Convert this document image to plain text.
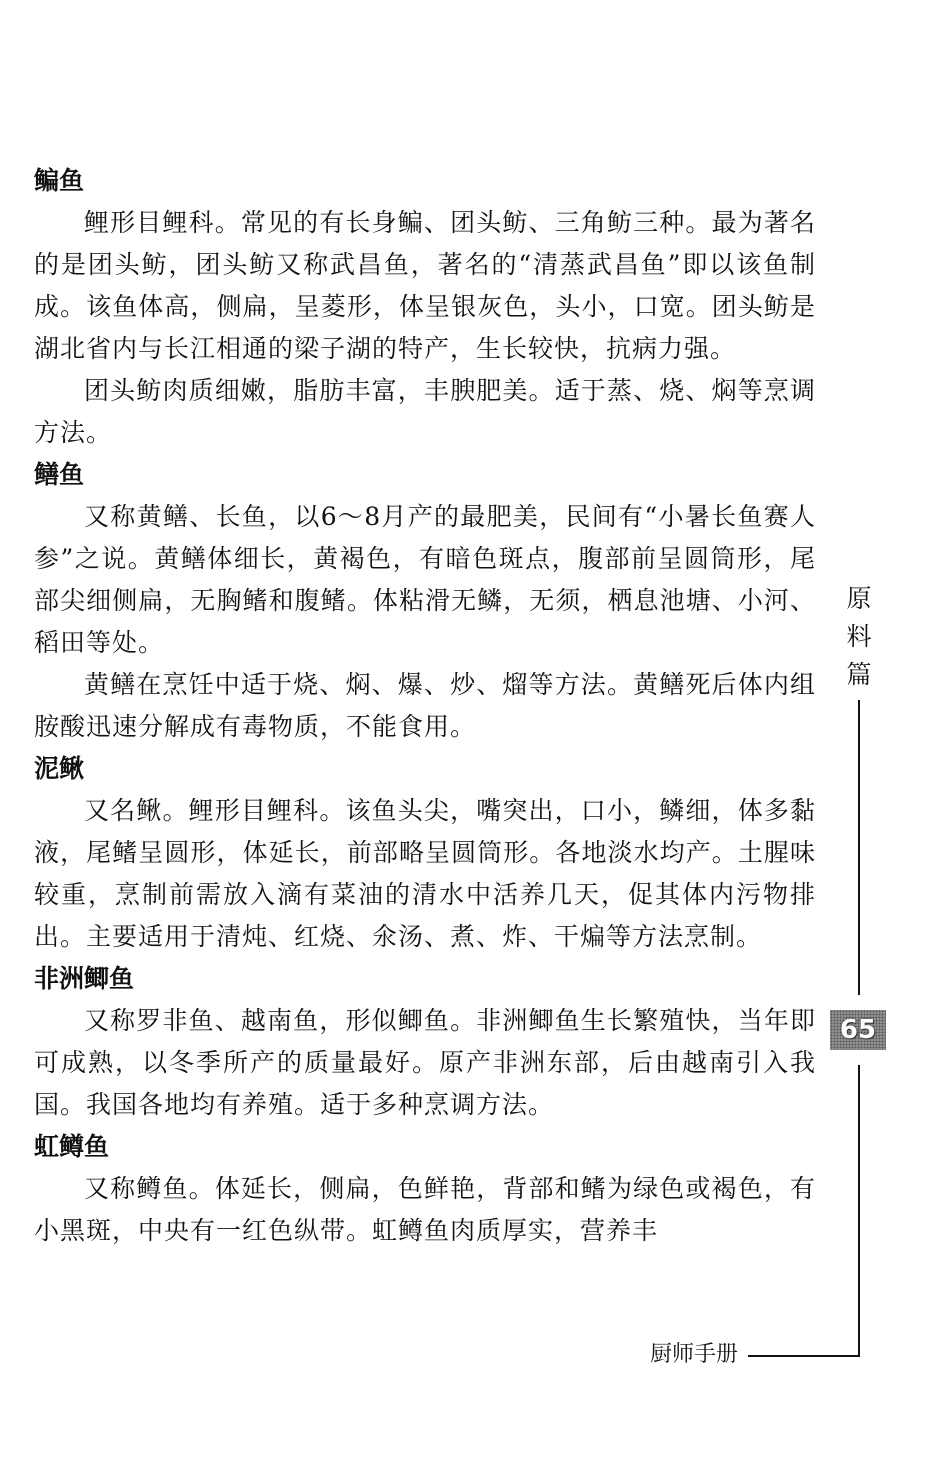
鳊鱼

鲤形目鲤科。常见的有长身鳊、团头鲂、三角鲂三种。最为著名的是团头鲂，团头鲂又称武昌鱼，著名的“清蒸武昌鱼”即以该鱼制成。该鱼体高，侧扁，呈菱形，体呈银灰色，头小，口宽。团头鲂是湖北省内与长江相通的梁子湖的特产，生长较快，抗病力强。

团头鲂肉质细嫩，脂肪丰富，丰腴肥美。适于蒸、烧、焖等烹调方法。

鳝鱼

又称黄鳝、长鱼，以6～8月产的最肥美，民间有“小暑长鱼赛人参”之说。黄鳝体细长，黄褐色，有暗色斑点，腹部前呈圆筒形，尾部尖细侧扁，无胸鳍和腹鳍。体粘滑无鳞，无须，栖息池塘、小河、稻田等处。

黄鳝在烹饪中适于烧、焖、爆、炒、熘等方法。黄鳝死后体内组胺酸迅速分解成有毒物质，不能食用。

泥鳅

又名鳅。鲤形目鲤科。该鱼头尖，嘴突出，口小，鳞细，体多黏液，尾鳍呈圆形，体延长，前部略呈圆筒形。各地淡水均产。土腥味较重，烹制前需放入滴有菜油的清水中活养几天，促其体内污物排出。主要适用于清炖、红烧、氽汤、煮、炸、干煸等方法烹制。

非洲鲫鱼

又称罗非鱼、越南鱼，形似鲫鱼。非洲鲫鱼生长繁殖快，当年即可成熟，以冬季所产的质量最好。原产非洲东部，后由越南引入我国。我国各地均有养殖。适于多种烹调方法。

虹鳟鱼

又称鳟鱼。体延长，侧扁，色鲜艳，背部和鳍为绿色或褐色，有小黑斑，中央有一红色纵带。虹鳟鱼肉质厚实，营养丰

原
料
篇
65
厨师手册
